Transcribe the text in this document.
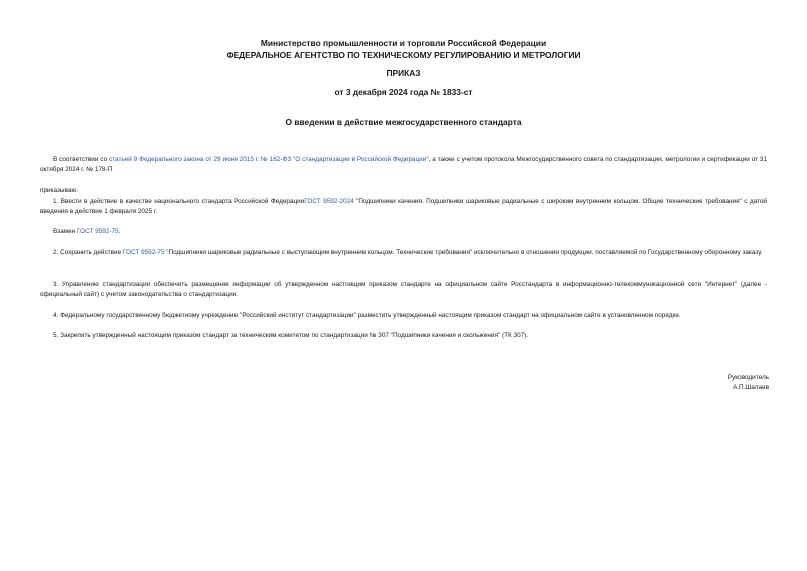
Министерство промышленности и торговли Российской Федерации
ФЕДЕРАЛЬНОЕ АГЕНТСТВО ПО ТЕХНИЧЕСКОМУ РЕГУЛИРОВАНИЮ И МЕТРОЛОГИИ
ПРИКАЗ
от 3 декабря 2024 года № 1833-ст
О введении в действие межгосударственного стандарта

В соответствии со статьей 9 Федерального закона от 29 июня 2015 г. № 162-ФЗ "О стандартизации в Российской Федерации", а также с учетом протокола Межгосударственного совета по стандартизации, метрологии и сертификации от 31 октября 2024 г. № 178-П

приказываю:

1. Ввести в действие в качестве национального стандарта Российской ФедерацииГОСТ 9592-2024 "Подшипники качения. Подшипники шариковые радиальные с широким внутренним кольцом. Общие технические требования" с датой введения в действие 1 февраля 2025 г.

Взамен ГОСТ 9592-75.

2. Сохранить действие ГОСТ 9592-75 "Подшипники шариковые радиальные с выступающим внутренним кольцом. Технические требования" исключительно в отношении продукции, поставляемой по Государственному оборонному заказу.

3. Управлению стандартизации обеспечить размещение информации об утвержденном настоящим приказом стандарте на официальном сайте Росстандарта в информационно-телекоммуникационной сети "Интернет" (далее - официальный сайт) с учетом законодательства о стандартизации.

4. Федеральному государственному бюджетному учреждению "Российский институт стандартизации" разместить утвержденный настоящим приказом стандарт на официальном сайте в установленном порядке.

5. Закрепить утвержденный настоящим приказом стандарт за техническим комитетом по стандартизации № 307 "Подшипники качения и скольжения" (ТК 307).

Руководитель
А.П.Шалаев
